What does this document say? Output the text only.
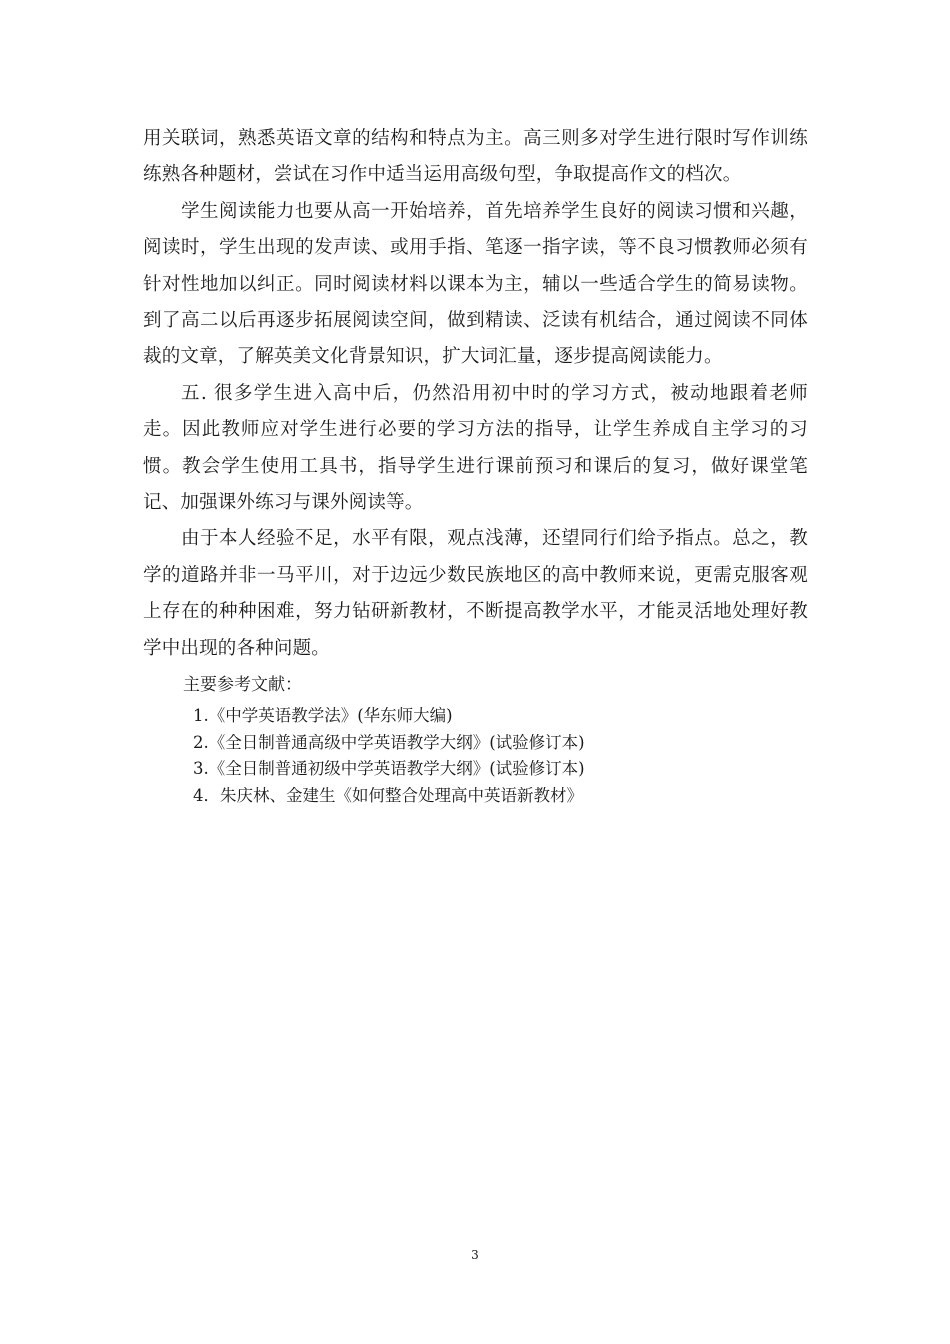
用关联词，熟悉英语文章的结构和特点为主。高三则多对学生进行限时写作训练练熟各种题材，尝试在习作中适当运用高级句型，争取提高作文的档次。

学生阅读能力也要从高一开始培养，首先培养学生良好的阅读习惯和兴趣，阅读时，学生出现的发声读、或用手指、笔逐一指字读，等不良习惯教师必须有针对性地加以纠正。同时阅读材料以课本为主，辅以一些适合学生的简易读物。到了高二以后再逐步拓展阅读空间，做到精读、泛读有机结合，通过阅读不同体裁的文章，了解英美文化背景知识，扩大词汇量，逐步提高阅读能力。

五. 很多学生进入高中后，仍然沿用初中时的学习方式，被动地跟着老师走。因此教师应对学生进行必要的学习方法的指导，让学生养成自主学习的习惯。教会学生使用工具书，指导学生进行课前预习和课后的复习，做好课堂笔记、加强课外练习与课外阅读等。

由于本人经验不足，水平有限，观点浅薄，还望同行们给予指点。总之，教学的道路并非一马平川，对于边远少数民族地区的高中教师来说，更需克服客观上存在的种种困难，努力钻研新教材，不断提高教学水平，才能灵活地处理好教学中出现的各种问题。

主要参考文献：

1.《中学英语教学法》(华东师大编)
2.《全日制普通高级中学英语教学大纲》(试验修订本)
3.《全日制普通初级中学英语教学大纲》(试验修订本)
4．朱庆林、金建生《如何整合处理高中英语新教材》
3
